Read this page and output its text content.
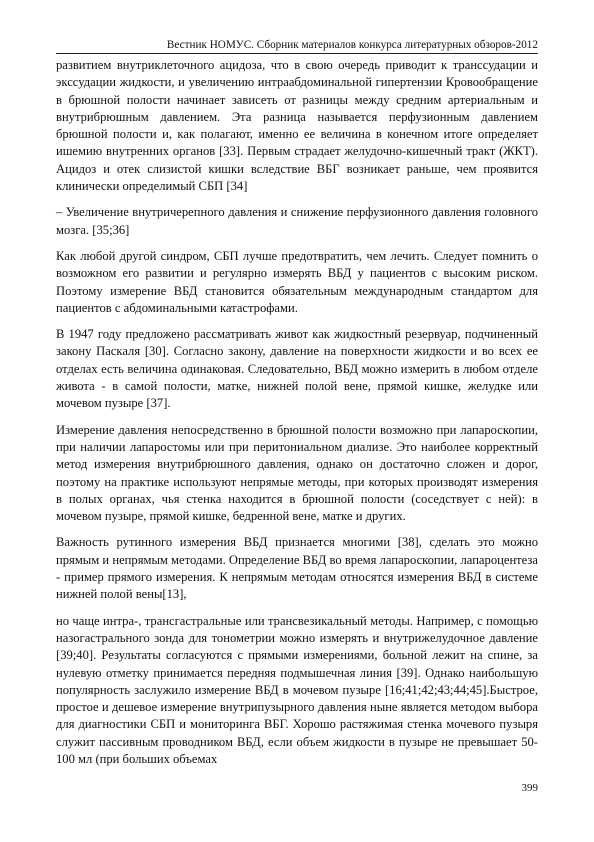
Вестник НОМУС. Сборник материалов конкурса литературных обзоров-2012

развитием внутриклеточного ацидоза, что в свою очередь приводит к транссудации и экссудации жидкости, и увеличению интраабдоминальной гипертензии Кровообращение в брюшной полости начинает зависеть от разницы между средним артериальным и внутрибрюшным давлением. Эта разница называется перфузионным давлением брюшной полости и, как полагают, именно ее величина в конечном итоге определяет ишемию внутренних органов [33]. Первым страдает желудочно-кишечный тракт (ЖКТ). Ацидоз и отек слизистой кишки вследствие ВБГ возникает раньше, чем проявится клинически определимый СБП [34]

– Увеличение внутричерепного давления и снижение перфузионного давления головного мозга. [35;36]

Как любой другой синдром, СБП лучше предотвратить, чем лечить. Следует помнить о возможном его развитии и регулярно измерять ВБД у пациентов с высоким риском. Поэтому измерение ВБД становится обязательным международным стандартом для пациентов с абдоминальными катастрофами.

В 1947 году предложено рассматривать живот как жидкостный резервуар, подчиненный закону Паскаля [30]. Согласно закону, давление на поверхности жидкости и во всех ее отделах есть величина одинаковая. Следовательно, ВБД можно измерить в любом отделе живота - в самой полости, матке, нижней полой вене, прямой кишке, желудке или мочевом пузыре [37].

Измерение давления непосредственно в брюшной полости возможно при лапароскопии, при наличии лапаростомы или при перитониальном диализе. Это наиболее корректный метод измерения внутрибрюшного давления, однако он достаточно сложен и дорог, поэтому на практике используют непрямые методы, при которых производят измерения в полых органах, чья стенка находится в брюшной полости (соседствует с ней): в мочевом пузыре, прямой кишке, бедренной вене, матке и других.

Важность рутинного измерения ВБД признается многими [38], сделать это можно прямым и непрямым методами. Определение ВБД во время лапароскопии, лапароцентеза - пример прямого измерения. К непрямым методам относятся измерения ВБД в системе нижней полой вены[13],

но чаще интра-, трансгастральные или трансвезикальный методы. Например, с помощью назогастрального зонда для тонометрии можно измерять и внутрижелудочное давление [39;40]. Результаты согласуются с прямыми измерениями, больной лежит на спине, за нулевую отметку принимается передняя подмышечная линия [39]. Однако наибольшую популярность заслужило измерение ВБД в мочевом пузыре [16;41;42;43;44;45].Быстрое, простое и дешевое измерение внутрипузырного давления ныне является методом выбора для диагностики СБП и мониторинга ВБГ. Хорошо растяжимая стенка мочевого пузыря служит пассивным проводником ВБД, если объем жидкости в пузыре не превышает 50-100 мл (при больших объемах

399
